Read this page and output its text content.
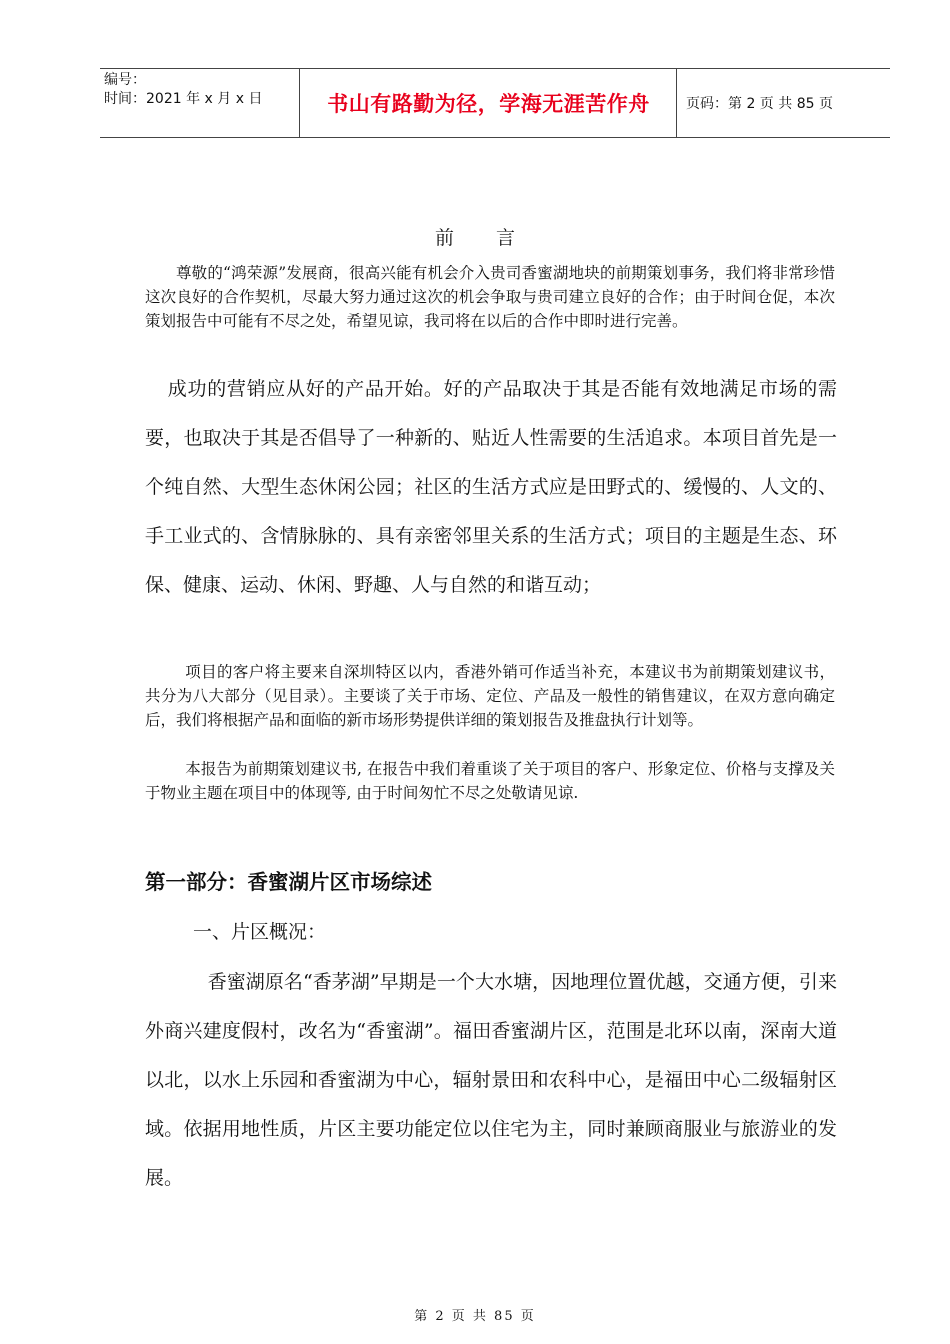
编号：
时间：2021 年 x 月 x 日	书山有路勤为径，学海无涯苦作舟	页码：第 2 页 共 85 页
前 言

尊敬的“鸿荣源”发展商，很高兴能有机会介入贵司香蜜湖地块的前期策划事务，我们将非常珍惜这次良好的合作契机，尽最大努力通过这次的机会争取与贵司建立良好的合作；由于时间仓促，本次策划报告中可能有不尽之处，希望见谅，我司将在以后的合作中即时进行完善。

成功的营销应从好的产品开始。好的产品取决于其是否能有效地满足市场的需要，也取决于其是否倡导了一种新的、贴近人性需要的生活追求。本项目首先是一个纯自然、大型生态休闲公园；社区的生活方式应是田野式的、缓慢的、人文的、手工业式的、含情脉脉的、具有亲密邻里关系的生活方式；项目的主题是生态、环保、健康、运动、休闲、野趣、人与自然的和谐互动；

项目的客户将主要来自深圳特区以内，香港外销可作适当补充，本建议书为前期策划建议书，共分为八大部分（见目录）。主要谈了关于市场、定位、产品及一般性的销售建议，在双方意向确定后，我们将根据产品和面临的新市场形势提供详细的策划报告及推盘执行计划等。

本报告为前期策划建议书, 在报告中我们着重谈了关于项目的客户、形象定位、价格与支撑及关于物业主题在项目中的体现等, 由于时间匆忙不尽之处敬请见谅.

第一部分：香蜜湖片区市场综述
一、片区概况：

香蜜湖原名“香茅湖”早期是一个大水塘，因地理位置优越，交通方便，引来外商兴建度假村，改名为“香蜜湖”。福田香蜜湖片区，范围是北环以南，深南大道以北，以水上乐园和香蜜湖为中心，辐射景田和农科中心，是福田中心二级辐射区域。依据用地性质，片区主要功能定位以住宅为主，同时兼顾商服业与旅游业的发展。

第 2 页 共 85 页
